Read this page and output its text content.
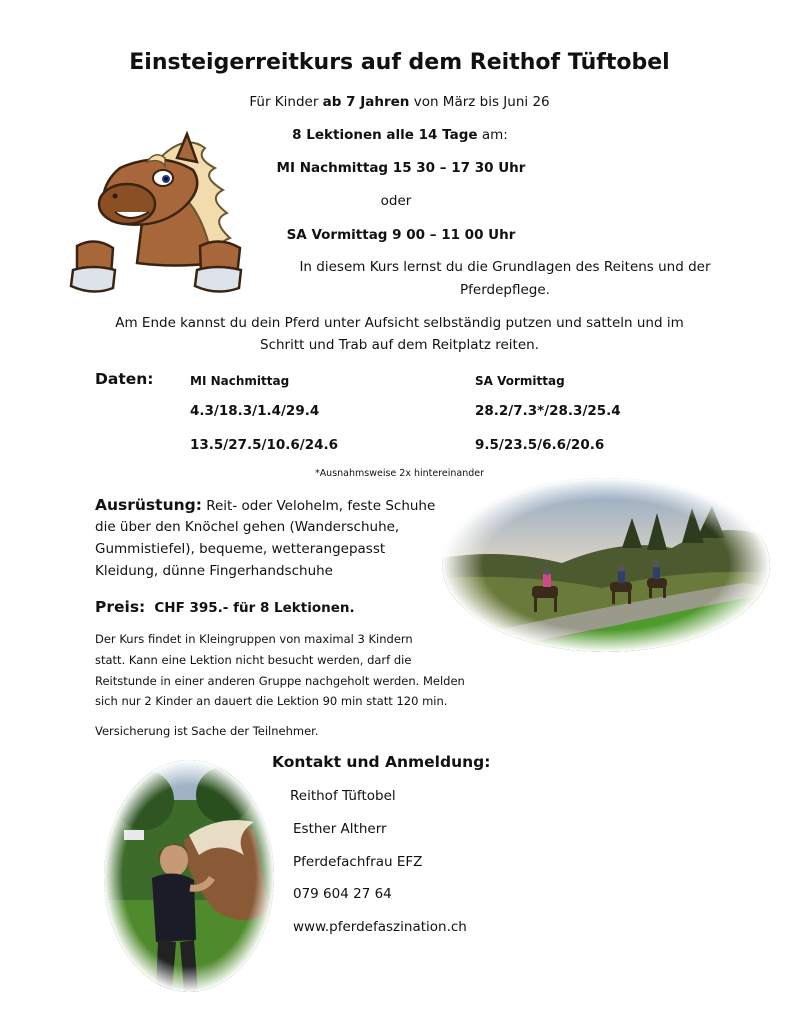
Einsteigerreitkurs auf dem Reithof Tüftobel
Für Kinder ab 7 Jahren von März bis Juni 26
8 Lektionen alle 14 Tage am:
MI Nachmittag 15 30 – 17 30 Uhr
oder
SA Vormittag 9 00 – 11 00 Uhr
In diesem Kurs lernst du die Grundlagen des Reitens und der
Pferdepflege.
Am Ende kannst du dein Pferd unter Aufsicht selbständig putzen und satteln und im
Schritt und Trab auf dem Reitplatz reiten.
Daten:	MI Nachmittag	SA Vormittag
4.3/18.3/1.4/29.4	28.2/7.3*/28.3/25.4
13.5/27.5/10.6/24.6	9.5/23.5/6.6/20.6
*Ausnahmsweise 2x hintereinander
Ausrüstung: Reit- oder Velohelm, feste Schuhe
die über den Knöchel gehen (Wanderschuhe,
Gummistiefel), bequeme, wetterangepasst
Kleidung, dünne Fingerhandschuhe
Preis: CHF 395.- für 8 Lektionen.
Der Kurs findet in Kleingruppen von maximal 3 Kindern
statt. Kann eine Lektion nicht besucht werden, darf die
Reitstunde in einer anderen Gruppe nachgeholt werden. Melden
sich nur 2 Kinder an dauert die Lektion 90 min statt 120 min.
Versicherung ist Sache der Teilnehmer.
Kontakt und Anmeldung:
Reithof Tüftobel
Esther Altherr
Pferdefachfrau EFZ
079 604 27 64
www.pferdefaszination.ch
